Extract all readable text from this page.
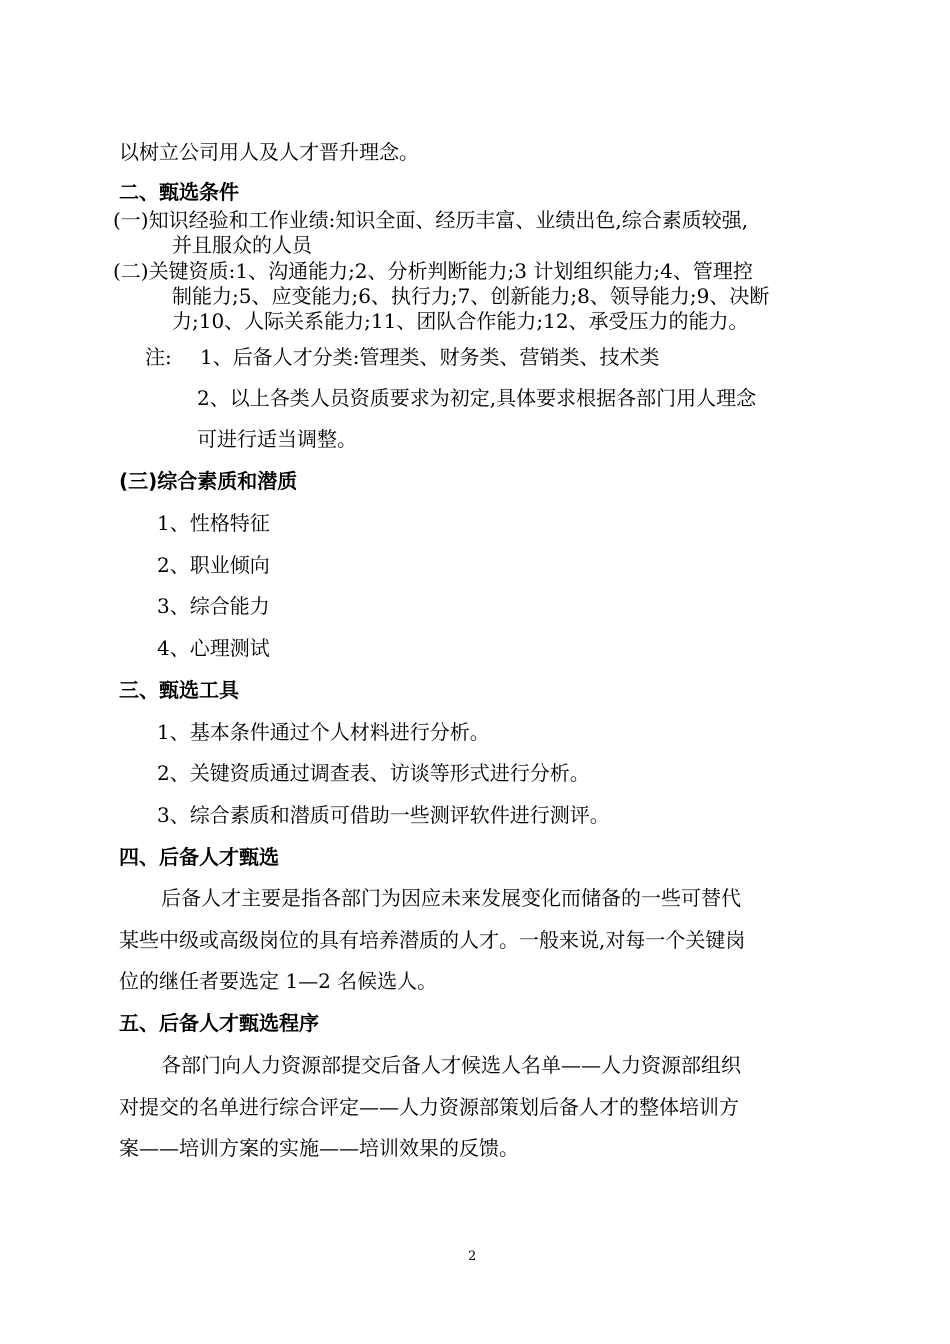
以树立公司用人及人才晋升理念。
二、甄选条件
(一)知识经验和工作业绩:知识全面、经历丰富、业绩出色,综合素质较强,
并且服众的人员
(二)关键资质:1、沟通能力;2、分析判断能力;3 计划组织能力;4、管理控
制能力;5、应变能力;6、执行力;7、创新能力;8、领导能力;9、决断
力;10、人际关系能力;11、团队合作能力;12、承受压力的能力。
注: 1、后备人才分类:管理类、财务类、营销类、技术类
2、以上各类人员资质要求为初定,具体要求根据各部门用人理念
可进行适当调整。
(三)综合素质和潜质
1、性格特征
2、职业倾向
3、综合能力
4、心理测试
三、甄选工具
1、基本条件通过个人材料进行分析。
2、关键资质通过调查表、访谈等形式进行分析。
3、综合素质和潜质可借助一些测评软件进行测评。
四、后备人才甄选
后备人才主要是指各部门为因应未来发展变化而储备的一些可替代
某些中级或高级岗位的具有培养潜质的人才。一般来说,对每一个关键岗
位的继任者要选定 1—2 名候选人。
五、后备人才甄选程序
各部门向人力资源部提交后备人才候选人名单——人力资源部组织
对提交的名单进行综合评定——人力资源部策划后备人才的整体培训方
案——培训方案的实施——培训效果的反馈。
2
